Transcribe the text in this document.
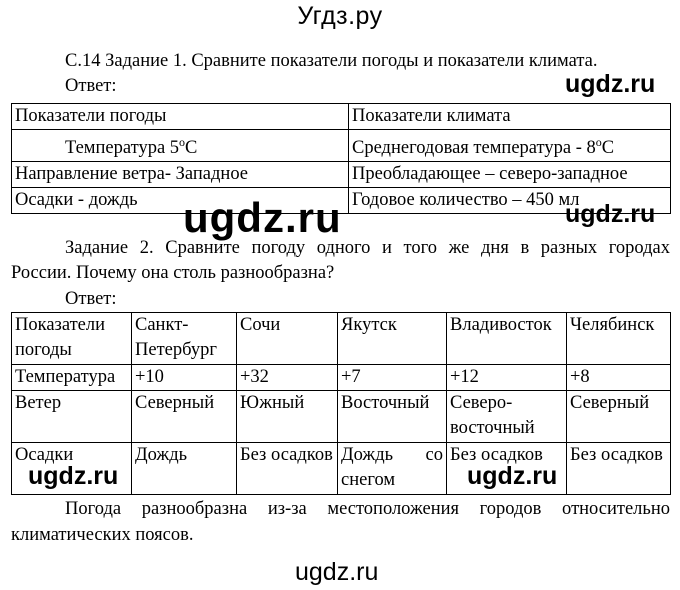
Угдз.ру
С.14 Задание 1. Сравните показатели погоды и показатели климата.
Ответ:
Показатели погоды	Показатели климата
Температура $5^оС$	Среднегодовая температура - $8^оС$
Направление ветра- Западное	Преобладающее – северо-западное
Осадки - дождь	Годовое количество – 450 мл
Задание 2. Сравните погоду одного и того же дня в разных городах
России. Почему она столь разнообразна?
Ответ:
Показатели погоды	Санкт-Петербург	Сочи	Якутск	Владивосток	Челябинск
Температура	+10	+32	+7	+12	+8
Ветер	Северный	Южный	Восточный	Северо-восточный	Северный
Осадки	Дождь	Без осадков	Дождь со снегом	Без осадков	Без осадков
Погода разнообразна из-за местоположения городов относительно
климатических поясов.
ugdz.ru
ugdz.ru	ugdz.ru
ugdz.ru	ugdz.ru
ugdz.ru
